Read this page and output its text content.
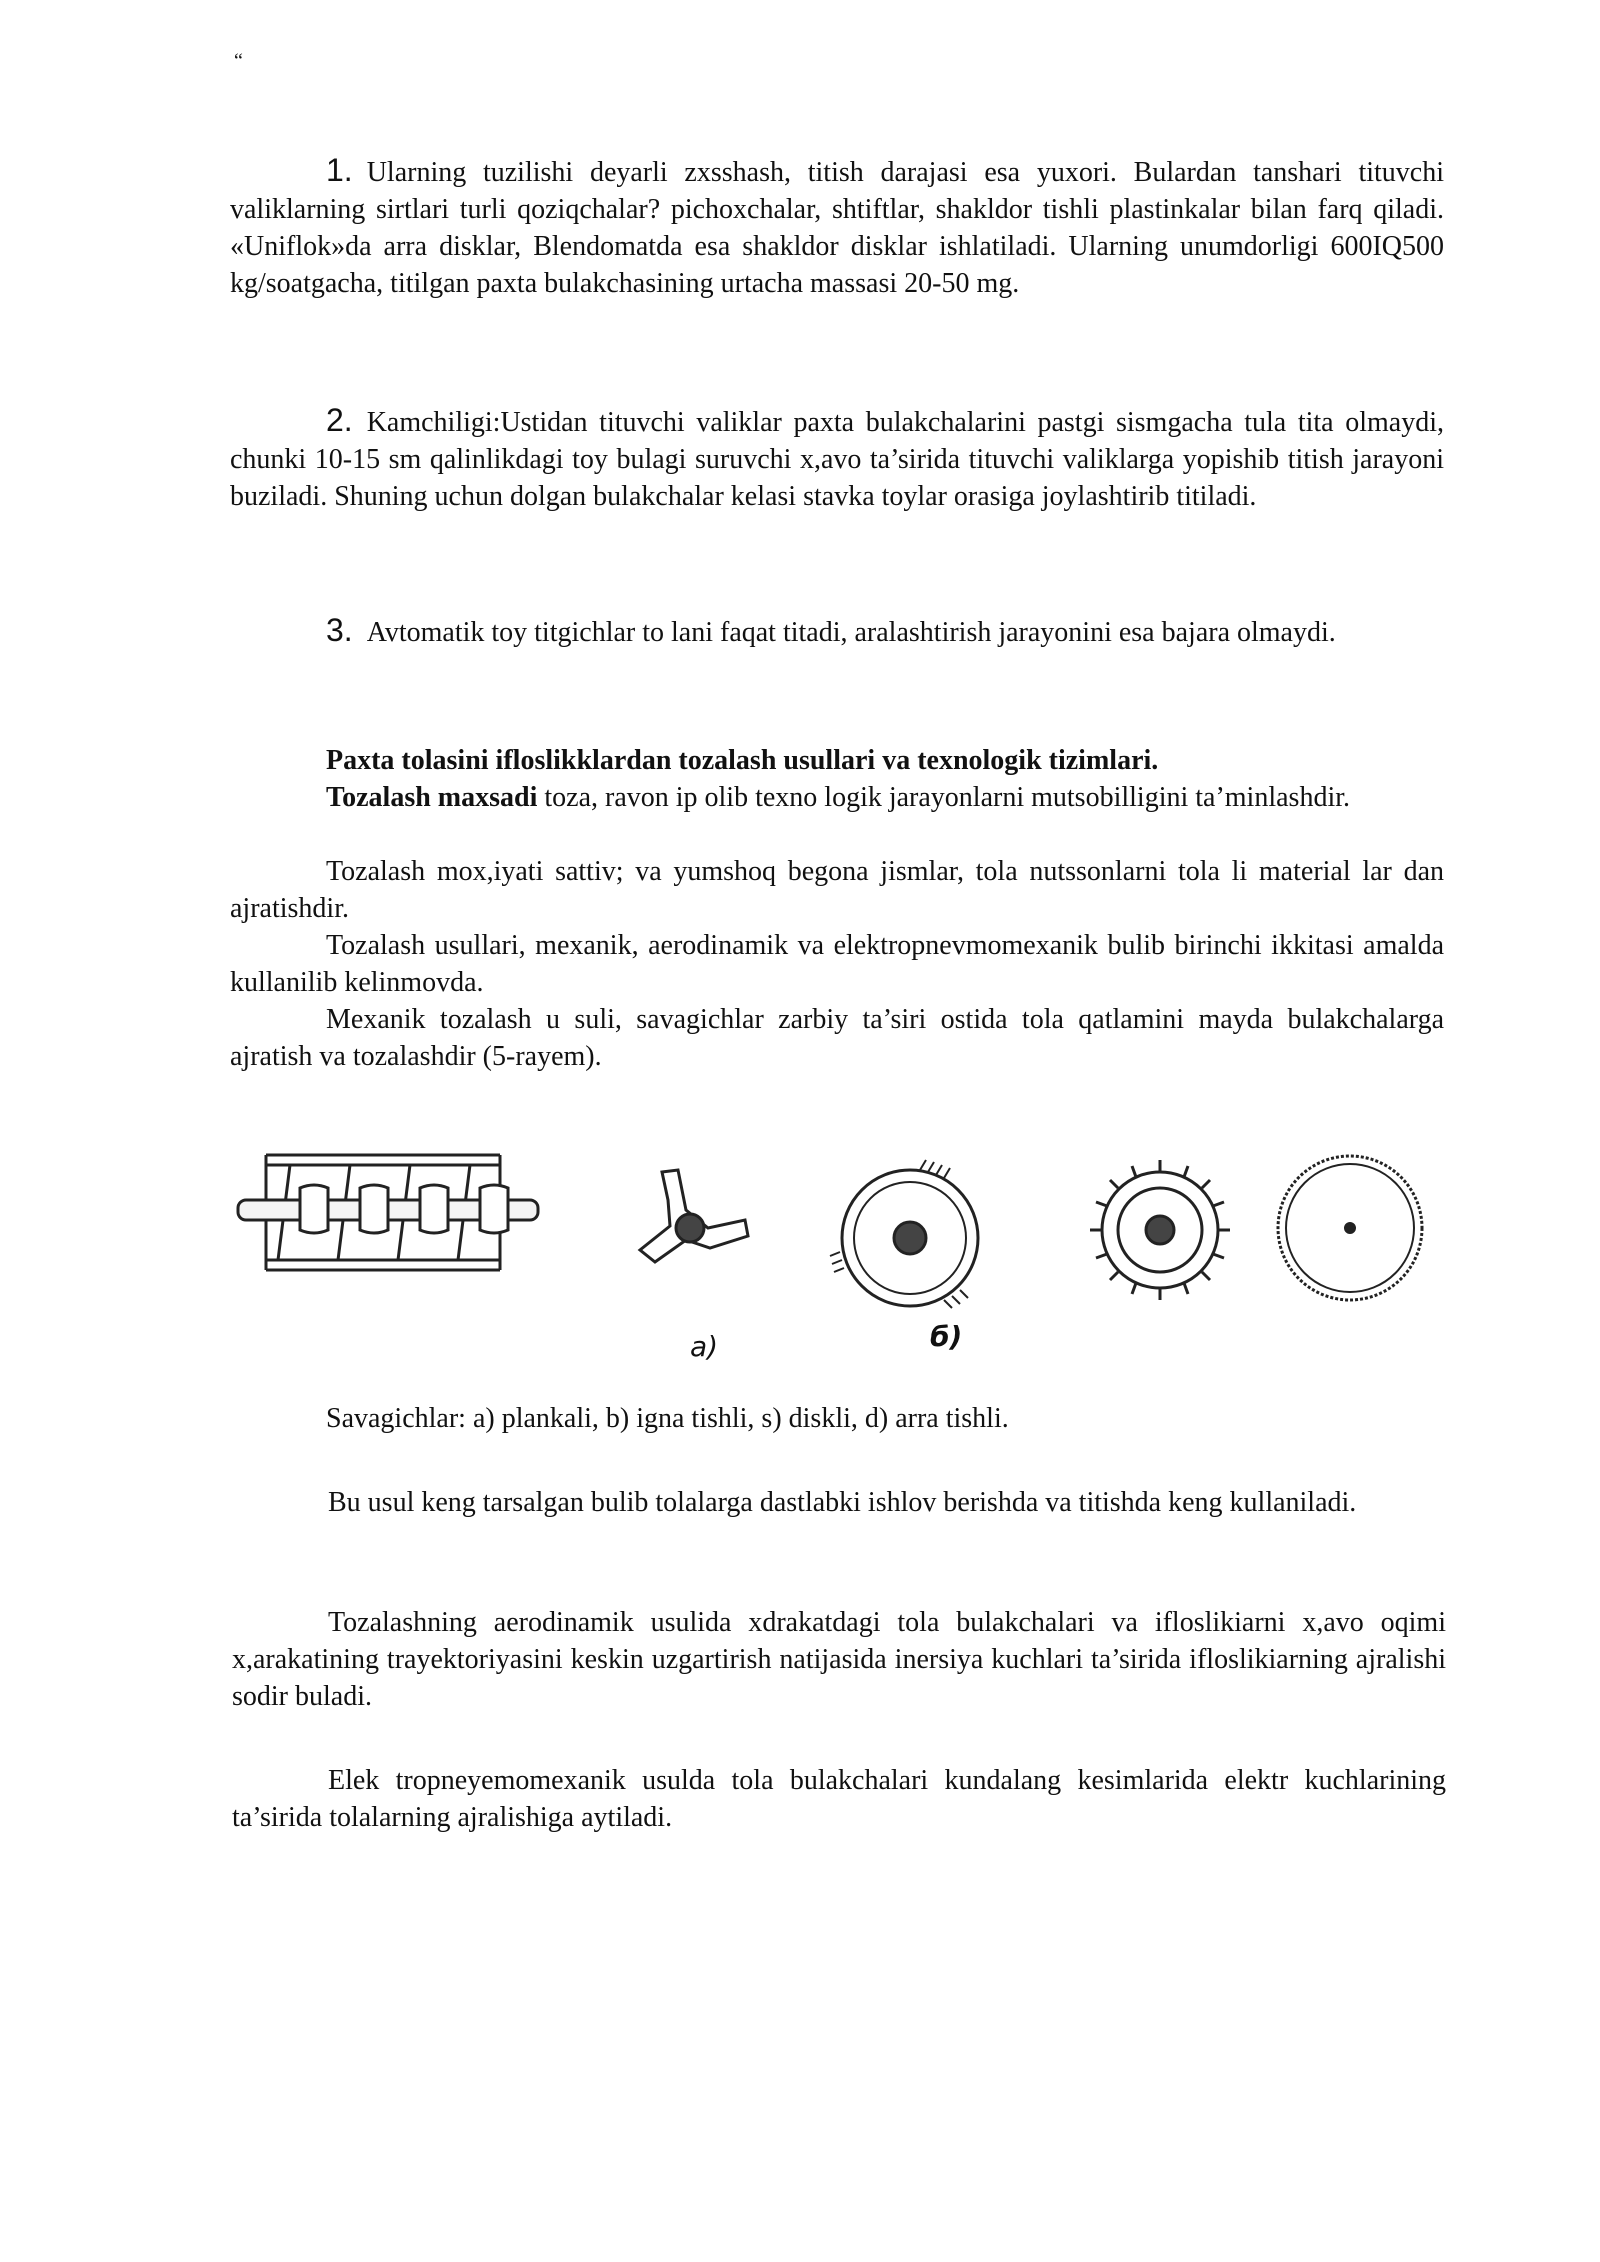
“

1. Ularning tuzilishi deyarli zxsshash, titish darajasi esa yuxori. Bulardan tanshari tituvchi valiklarning sirtlari turli qoziqchalar? pichoxchalar, shtiftlar, shakldor tishli plastinkalar bilan farq qiladi. «Uniflok»da arra disklar, Blendomatda esa shakldor disklar ishlatiladi. Ularning unumdorligi 600IQ500 kg/soatgacha, titilgan paxta bulakchasining urtacha massasi 20-50 mg.

2. Kamchiligi:Ustidan tituvchi valiklar paxta bulakchalarini pastgi sismgacha tula tita olmaydi, chunki 10-15 sm qalinlikdagi toy bulagi suruvchi x,avo ta’sirida tituvchi valiklarga yopishib titish jarayoni buziladi. Shuning uchun dolgan bulakchalar kelasi stavka toylar orasiga joylashtirib titiladi.

3. Avtomatik toy titgichlar to lani faqat titadi, aralashtirish jarayonini esa bajara olmaydi.

Paxta tolasini ifloslikklardan tozalash usullari va texnologik tizimlari.

Tozalash maxsadi toza, ravon ip olib texno logik jarayonlarni mutsobilligini ta’minlashdir.

Tozalash mox,iyati sattiv; va yumshoq begona jismlar, tola nutssonlarni tola li material lar dan ajratishdir.

Tozalash usullari, mexanik, aerodinamik va elektropnevmomexanik bulib birinchi ikkitasi amalda kullanilib kelinmovda.

Mexanik tozalash u suli, savagichlar zarbiy ta’siri ostida tola qatlamini mayda bulakchalarga ajratish va tozalashdir (5-rayem).

а)	б)

Savagichlar: a) plankali, b) igna tishli, s) diskli, d) arra tishli.

Bu usul keng tarsalgan bulib tolalarga dastlabki ishlov berishda va titishda keng kullaniladi.

Tozalashning aerodinamik usulida xdrakatdagi tola bulakchalari va ifloslikiarni x,avo oqimi x,arakatining trayektoriyasini keskin uzgartirish natijasida inersiya kuchlari ta’sirida ifloslikiarning ajralishi sodir buladi.

Elek tropneyemomexanik usulda tola bulakchalari kundalang kesimlarida elektr kuchlarining ta’sirida tolalarning ajralishiga aytiladi.
